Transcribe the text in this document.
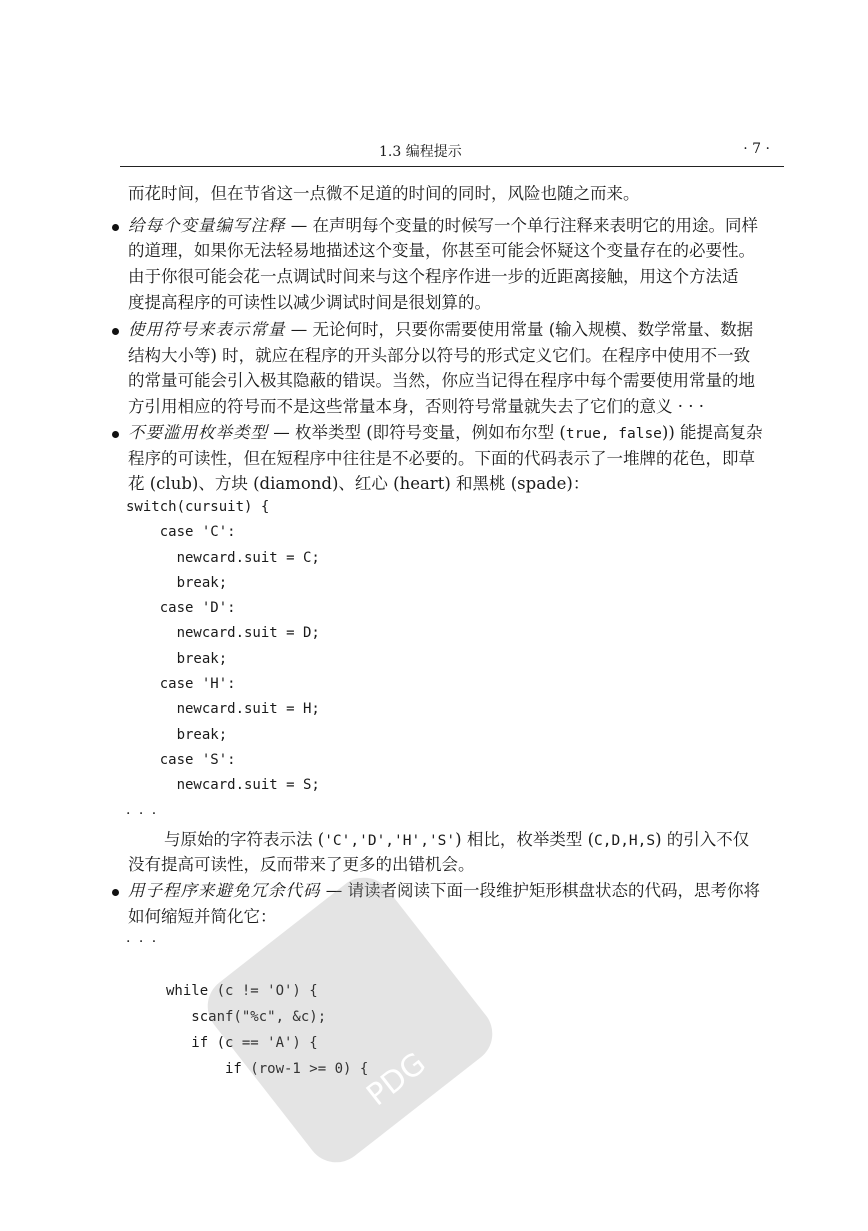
1.3 编程提示	· 7 ·
而花时间，但在节省这一点微不足道的时间的同时，风险也随之而来。
给每个变量编写注释 — 在声明每个变量的时候写一个单行注释来表明它的用途。同样
的道理，如果你无法轻易地描述这个变量，你甚至可能会怀疑这个变量存在的必要性。
由于你很可能会花一点调试时间来与这个程序作进一步的近距离接触，用这个方法适
度提高程序的可读性以减少调试时间是很划算的。
使用符号来表示常量 — 无论何时，只要你需要使用常量 (输入规模、数学常量、数据
结构大小等) 时，就应在程序的开头部分以符号的形式定义它们。在程序中使用不一致
的常量可能会引入极其隐蔽的错误。当然，你应当记得在程序中每个需要使用常量的地
方引用相应的符号而不是这些常量本身，否则符号常量就失去了它们的意义 · · ·
不要滥用枚举类型 — 枚举类型 (即符号变量，例如布尔型 (true, false)) 能提高复杂
程序的可读性，但在短程序中往往是不必要的。下面的代码表示了一堆牌的花色，即草
花 (club)、方块 (diamond)、红心 (heart) 和黑桃 (spade)：
switch(cursuit) {
case 'C':
newcard.suit = C;
break;
case 'D':
newcard.suit = D;
break;
case 'H':
newcard.suit = H;
break;
case 'S':
newcard.suit = S;
· · ·
与原始的字符表示法 ('C','D','H','S') 相比，枚举类型 (C,D,H,S) 的引入不仅
没有提高可读性，反而带来了更多的出错机会。
用子程序来避免冗余代码 — 请读者阅读下面一段维护矩形棋盘状态的代码，思考你将
如何缩短并简化它：
· · ·
while (c != 'O') {
scanf("%c", &c);
if (c == 'A') {
if (row-1 >= 0) {
PDG
